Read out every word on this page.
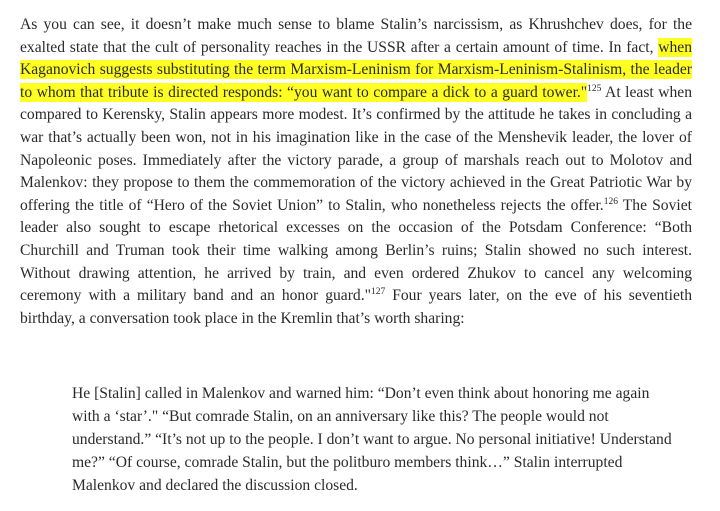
As you can see, it doesn’t make much sense to blame Stalin’s narcissism, as Khrushchev does, for the exalted state that the cult of personality reaches in the USSR after a certain amount of time. In fact, when Kaganovich suggests substituting the term Marxism-Leninism for Marxism-Leninism-Stalinism, the leader to whom that tribute is directed responds: “you want to compare a dick to a guard tower."$^{125}$ At least when compared to Kerensky, Stalin appears more modest. It’s confirmed by the attitude he takes in concluding a war that’s actually been won, not in his imagination like in the case of the Menshevik leader, the lover of Napoleonic poses. Immediately after the victory parade, a group of marshals reach out to Molotov and Malenkov: they propose to them the commemoration of the victory achieved in the Great Patriotic War by offering the title of “Hero of the Soviet Union” to Stalin, who nonetheless rejects the offer.$^{126}$ The Soviet leader also sought to escape rhetorical excesses on the occasion of the Potsdam Conference: “Both Churchill and Truman took their time walking among Berlin’s ruins; Stalin showed no such interest. Without drawing attention, he arrived by train, and even ordered Zhukov to cancel any welcoming ceremony with a military band and an honor guard."$^{127}$ Four years later, on the eve of his seventieth birthday, a conversation took place in the Kremlin that’s worth sharing:

He [Stalin] called in Malenkov and warned him: “Don’t even think about honoring me again with a ‘star’." “But comrade Stalin, on an anniversary like this? The people would not understand.” “It’s not up to the people. I don’t want to argue. No personal initiative! Understand me?” “Of course, comrade Stalin, but the politburo members think…” Stalin interrupted Malenkov and declared the discussion closed.
